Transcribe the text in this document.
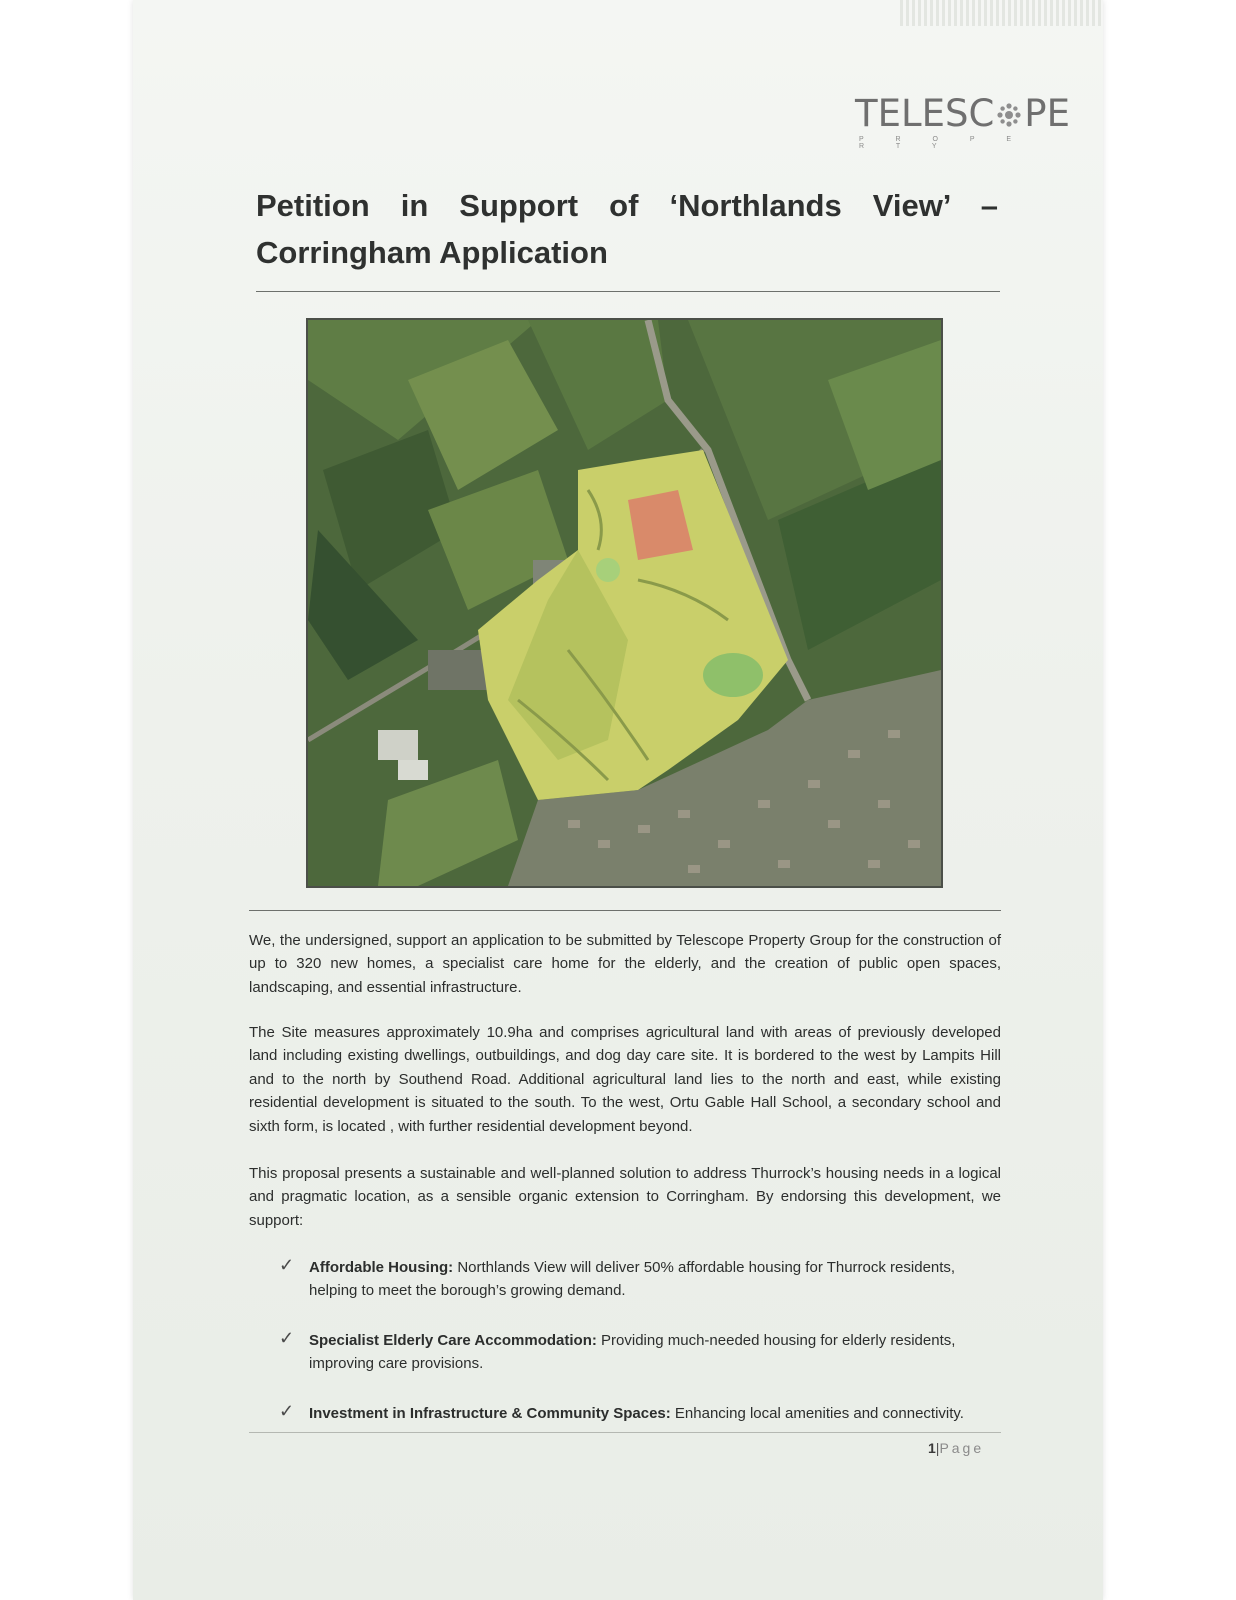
TELESC PE
P R O P E R T Y
Petition in Support of ‘Northlands View’ – Corringham Application
We, the undersigned, support an application to be submitted by Telescope Property Group for the construction of up to 320 new homes, a specialist care home for the elderly, and the creation of public open spaces, landscaping, and essential infrastructure.
The Site measures approximately 10.9ha and comprises agricultural land with areas of previously developed land including existing dwellings, outbuildings, and dog day care site. It is bordered to the west by Lampits Hill and to the north by Southend Road. Additional agricultural land lies to the north and east, while existing residential development is situated to the south. To the west, Ortu Gable Hall School, a secondary school and sixth form, is located , with further residential development beyond.
This proposal presents a sustainable and well-planned solution to address Thurrock’s housing needs in a logical and pragmatic location, as a sensible organic extension to Corringham. By endorsing this development, we support:
✓ Affordable Housing: Northlands View will deliver 50% affordable housing for Thurrock residents, helping to meet the borough’s growing demand.
✓ Specialist Elderly Care Accommodation: Providing much-needed housing for elderly residents, improving care provisions.
✓ Investment in Infrastructure & Community Spaces: Enhancing local amenities and connectivity.
1|Page
